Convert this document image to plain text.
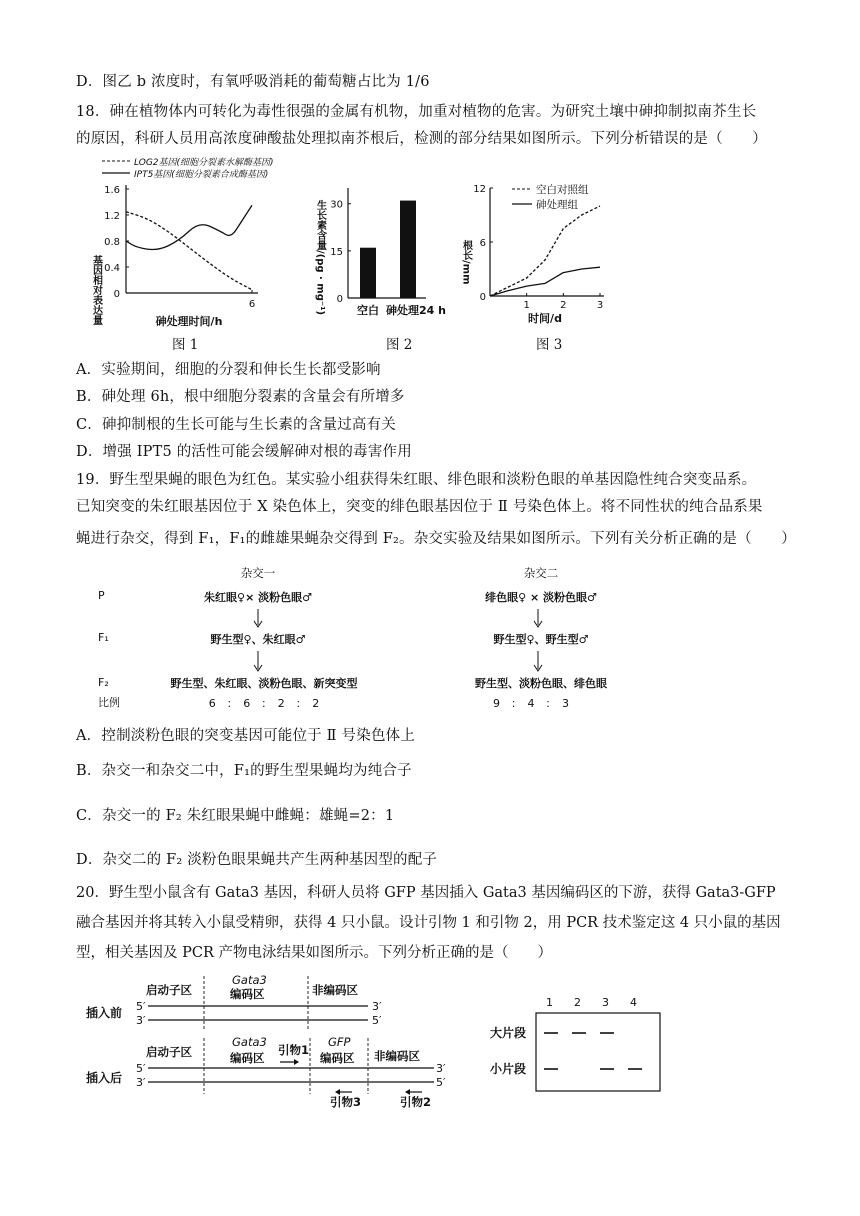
D．图乙 b 浓度时，有氧呼吸消耗的葡萄糖占比为 1/6
18．砷在植物体内可转化为毒性很强的金属有机物，加重对植物的危害。为研究土壤中砷抑制拟南芥生长
的原因，科研人员用高浓度砷酸盐处理拟南芥根后，检测的部分结果如图所示。下列分析错误的是（　　）
LOG2基因(细胞分裂素水解酶基因)
IPT5基因(细胞分裂素合成酶基因)
基因相对表达量
1.6
1.2
0.8
0.4
0
6
砷处理时间/h
图 1
生长素含量/(pg · mg⁻¹) 30
15
0
空白 砷处理24 h
图 2
空白对照组
砷处理组
根长/mm
12
6
0
1	2	3
时间/d
图 3
A．实验期间，细胞的分裂和伸长生长都受影响
B．砷处理 6h，根中细胞分裂素的含量会有所增多
C．砷抑制根的生长可能与生长素的含量过高有关
D．增强 IPT5 的活性可能会缓解砷对根的毒害作用
19．野生型果蝇的眼色为红色。某实验小组获得朱红眼、绯色眼和淡粉色眼的单基因隐性纯合突变品系。
已知突变的朱红眼基因位于 X 染色体上，突变的绯色眼基因位于 Ⅱ 号染色体上。将不同性状的纯合品系果
蝇进行杂交，得到 F₁，F₁的雌雄果蝇杂交得到 F₂。杂交实验及结果如图所示。下列有关分析正确的是（　　）
P
F₁
F₂
比例
杂交一
朱红眼♀× 淡粉色眼♂
野生型♀、朱红眼♂
野生型、朱红眼、淡粉色眼、新突变型
6　：　6　：　2　：　2
杂交二
绯色眼♀ × 淡粉色眼♂
野生型♀、野生型♂
野生型、淡粉色眼、绯色眼
9　：　4　：　3
A．控制淡粉色眼的突变基因可能位于 Ⅱ 号染色体上
B．杂交一和杂交二中，F₁的野生型果蝇均为纯合子
C．杂交一的 F₂ 朱红眼果蝇中雌蝇：雄蝇=2：1
D．杂交二的 F₂ 淡粉色眼果蝇共产生两种基因型的配子
20．野生型小鼠含有 Gata3 基因，科研人员将 GFP 基因插入 Gata3 基因编码区的下游，获得 Gata3-GFP 融合基因并将其转入小鼠受精卵，获得 4 只小鼠。设计引物 1 和引物 2，用 PCR 技术鉴定这 4 只小鼠的基因型，相关基因及 PCR 产物电泳结果如图所示。下列分析正确的是（　　）
插入前 5′
3′
3′
5′
启动子区
Gata3
编码区	非编码区
插入后
5′
3′
3′
5′
启动子区
Gata3
编码区
引物1
GFP
编码区 非编码区
引物3	引物2
1 2 3 4
大片段
小片段
